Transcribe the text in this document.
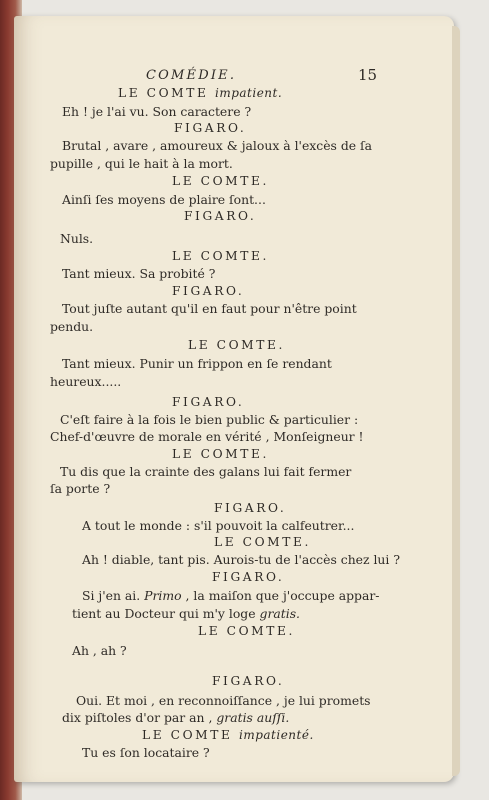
COMÉDIE.	15
LE COMTE impatient.
Eh ! je l'ai vu. Son caractere ?
FIGARO.
Brutal , avare , amoureux & jaloux à l'excès de ſa
pupille , qui le hait à la mort.
LE COMTE.
Ainſi ſes moyens de plaire ſont...
FIGARO.
Nuls.
LE COMTE.
Tant mieux. Sa probité ?
FIGARO.
Tout juſte autant qu'il en faut pour n'être point
pendu.
LE COMTE.
Tant mieux. Punir un frippon en ſe rendant
heureux.....
FIGARO.
C'eſt faire à la fois le bien public & particulier :
Chef-d'œuvre de morale en vérité , Monſeigneur !
LE COMTE.
Tu dis que la crainte des galans lui fait fermer
ſa porte ?
FIGARO.
A tout le monde : s'il pouvoit la calfeutrer...
LE COMTE.
Ah ! diable, tant pis. Aurois-tu de l'accès chez lui ?
FIGARO.
Si j'en ai. Primo , la maiſon que j'occupe appar-
tient au Docteur qui m'y loge gratis.
LE COMTE.
Ah , ah ?
FIGARO.
Oui. Et moi , en reconnoiſſance , je lui promets
dix piſtoles d'or par an , gratis auſſi.
LE COMTE impatienté.
Tu es ſon locataire ?
